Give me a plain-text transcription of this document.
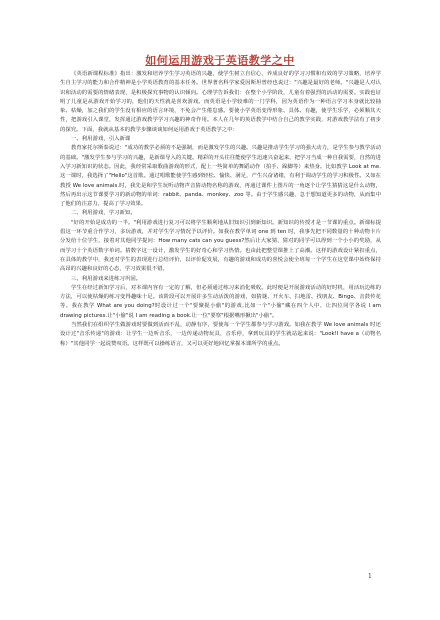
如何运用游戏于英语教学之中

《英语新课程标准》指出：激发和培养学生学习英语的兴趣，使学生树立自信心，养成良好的学习习惯和有效的学习策略，培养学生自主学习的能力和合作精神是小学英语教育的基本任务。世界著名科学家爱因斯坦曾经也说过："兴趣是最好的老师。"兴趣是人对认识和活动的需要的情绪表现，是积极探究事物的认识倾向。心理学告诉我们：在整个小学阶段，儿童有着强烈的活动的需要。实践也证明了儿童是从游戏开始学习的，他们的天性就是喜欢游戏。而英语是小学较难的一门学科，因为英语作为一种语言学习本身就比较抽象、枯燥，加之我们的学生没有相应的语言环境，不免会产生倦怠感。要使小学英语变得形象、具体、有趣，使学生乐学，必须顺其天性，把游戏引入课堂，发挥通过游戏教学学习兴趣的神奇作用。本人在几年的英语教学中结合自己的教学实践，对游戏教学法有了初步的探究。下面，我就从基本的教学步骤谈谈如何运用游戏于英语教学之中：

一、利用游戏，引入新课

教育家托尔斯泰说过："成功的教学必须的不是强制，而是激发学生的兴趣。兴趣是推动学生学习的强大动力，是学生参与教学活动的基础。"激发学生参与学习的兴趣，是新课导入的关键。精彩的开头往往能使学生迅速兴奋起来，把学习当成一种自我需要，自然的进入学习新知识的状态。因此，我经常采取歌曲游戏的形式，配上一些简单的舞蹈动作（拍手、跺脚等）来热身。比如教学 Look at me.这一课时，我选择了"Hello"这首歌。通过唱歌能使学生感到轻松、愉快、满足，产生兴奋诸绪，有利于调动学生的学习积极性。又如在教授 We love animals.时，我先是和学生玩听动物声音猜动物名称的游戏，再通过课件上图片的一角逐个让学生猜猜这是什么动物，然后再出示这节课要学习的新动物的单词：rabbit、panda、monkey、zoo 等。由于学生感兴趣，急于想知道更多的动物，从而集中了他们的注意力，提高了学习效果。

二、利用游戏，学习新知。

"好的开始是成功的一半。"利用游戏进行复习可以将学生顺利地从旧知识引到新知识。新知识的传授才是一节课的重点。新课标提倡这一环节重合作学习，多玩游戏，并对学生学习情况予以评价。如我在教学单词 one 到 ten 时，我事先把不同数量的十种动物卡片分发给十位学生，接着对其他同学提问：How many cats can you guess?然后让大家猜，猜对的同学可以得到一个小小的奖励，从而学习十个英语数字单词。猜数字这一设计，激发学生的好奇心和学习热情。也由此把整堂课推上了高潮。这样的游戏设计紧扣重点，在具体的教学中，我还对学生的表现进行总结评价，以评价促发展，有趣的游戏和成功的喜悦会使全班每一个学生在这堂课中始终保持高昂的兴趣和良好的心态，学习效果很不错。

三、利用游戏来进练习巩固。

学生在经过新知学习后，对本课内容有一定的了解，但必须通过练习来消化吸收。此时便是开展游戏活动的好时机，用活玩边练的方法，可以使枯燥的练习变得趣味十足。该阶段可以开展许多生动活泼的游戏，如猜谜、开火车、扫地雷、找朋友、Bingo、击鼓传花等。我在教学 What are you doing?时设计过一个"要聚捉小偷"的游戏,比如一个"小偷"藏在四个人中，让四位同学各说 I am drawing pictures.让"小偷"说 I am reading a book.让一位"要察"根据嘴形揪出"小偷"。

当然我们在组织学生做游戏时要做到活而不乱，动静有序，要使每一个学生都参与学习游戏。如我在教学 We love animals 时还设计过"音乐传递"的游戏：让学生一边听音乐，一边传递动物玩具，音乐停，拿到玩具的学生就站起来说："Look!I have a（动物名称）"其他同学一起说赞叹语。这样既可以操练语言，又可以更好地回忆掌握本课所学的重点。

1
